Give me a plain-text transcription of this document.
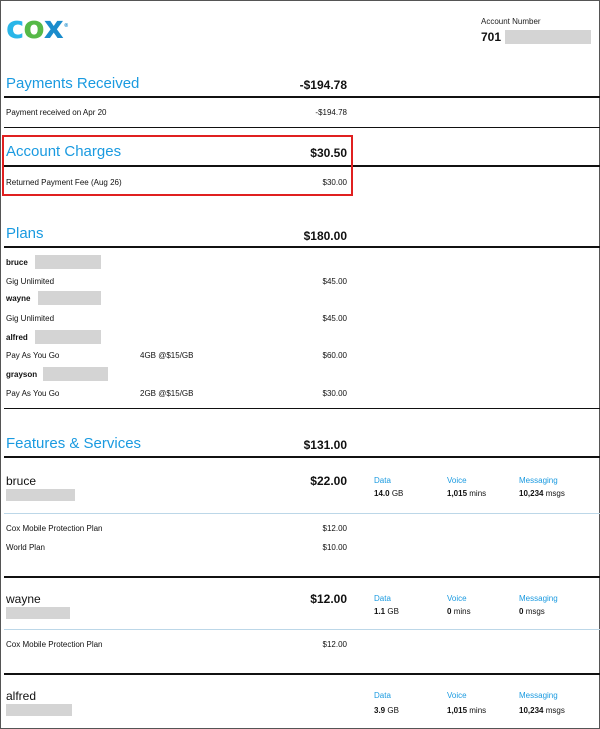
cox®	Account Number
701
Payments Received	-$194.78
Payment received on Apr 20	-$194.78
Account Charges	$30.50
Returned Payment Fee (Aug 26)	$30.00
Plans	$180.00
bruce
Gig Unlimited	$45.00
wayne
Gig Unlimited	$45.00
alfred
Pay As You Go	4GB @$15/GB	$60.00
grayson
Pay As You Go	2GB @$15/GB	$30.00
Features & Services	$131.00
bruce	$22.00	Data	Voice	Messaging
14.0 GB	1,015 mins	10,234 msgs
Cox Mobile Protection Plan	$12.00
World Plan	$10.00
wayne	$12.00	Data	Voice	Messaging
1.1 GB	0 mins	0 msgs
Cox Mobile Protection Plan	$12.00
alfred	Data	Voice	Messaging
3.9 GB	1,015 mins	10,234 msgs
